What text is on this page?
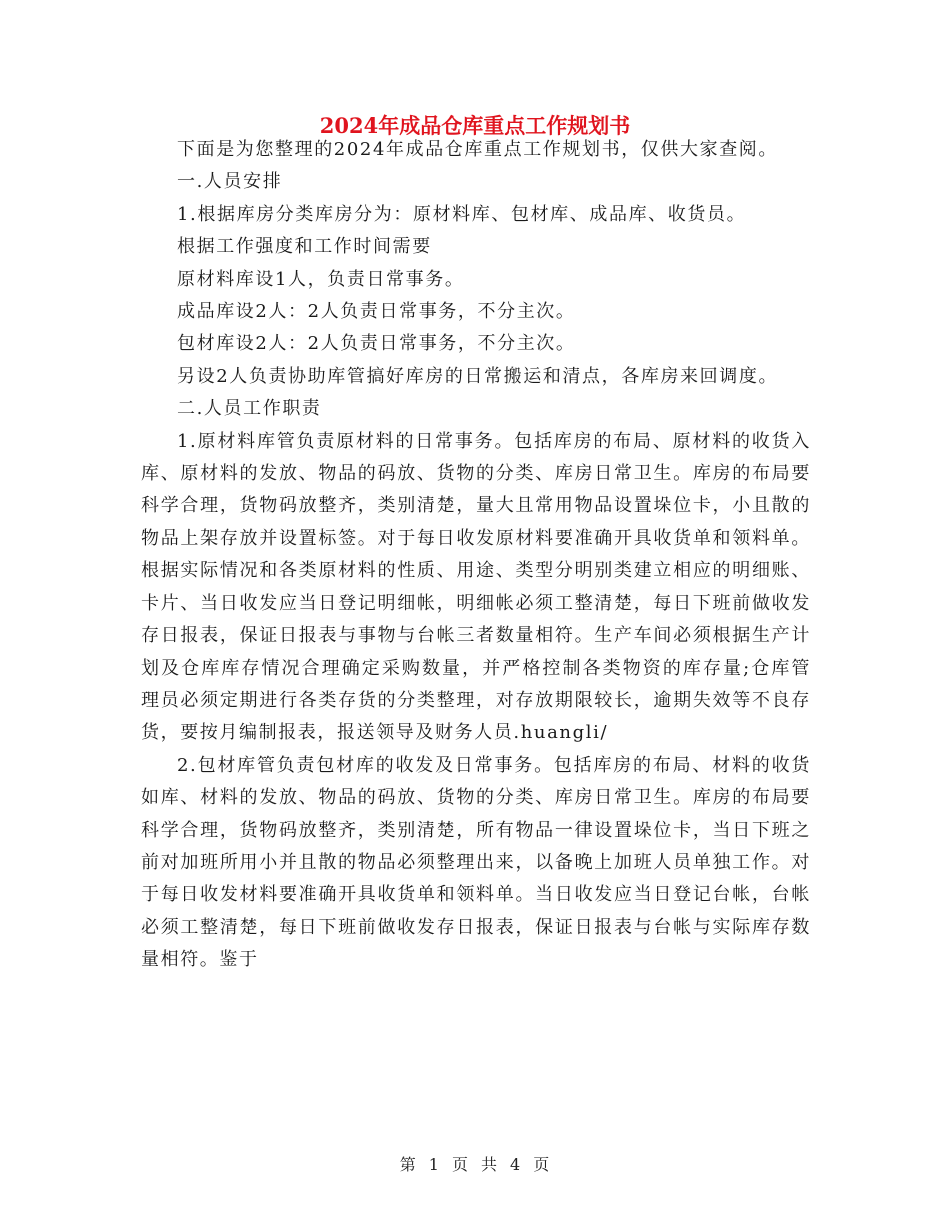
2024年成品仓库重点工作规划书

下面是为您整理的2024年成品仓库重点工作规划书，仅供大家查阅。

一.人员安排

1.根据库房分类库房分为：原材料库、包材库、成品库、收货员。

根据工作强度和工作时间需要

原材料库设1人，负责日常事务。

成品库设2人：2人负责日常事务，不分主次。

包材库设2人：2人负责日常事务，不分主次。

另设2人负责协助库管搞好库房的日常搬运和清点，各库房来回调度。

二.人员工作职责

1.原材料库管负责原材料的日常事务。包括库房的布局、原材料的收货入库、原材料的发放、物品的码放、货物的分类、库房日常卫生。库房的布局要科学合理，货物码放整齐，类别清楚，量大且常用物品设置垛位卡，小且散的物品上架存放并设置标签。对于每日收发原材料要准确开具收货单和领料单。根据实际情况和各类原材料的性质、用途、类型分明别类建立相应的明细账、卡片、当日收发应当日登记明细帐，明细帐必须工整清楚，每日下班前做收发存日报表，保证日报表与事物与台帐三者数量相符。生产车间必须根据生产计划及仓库库存情况合理确定采购数量，并严格控制各类物资的库存量;仓库管理员必须定期进行各类存货的分类整理，对存放期限较长，逾期失效等不良存货，要按月编制报表，报送领导及财务人员.huangli/

2.包材库管负责包材库的收发及日常事务。包括库房的布局、材料的收货如库、材料的发放、物品的码放、货物的分类、库房日常卫生。库房的布局要科学合理，货物码放整齐，类别清楚，所有物品一律设置垛位卡，当日下班之前对加班所用小并且散的物品必须整理出来，以备晚上加班人员单独工作。对于每日收发材料要准确开具收货单和领料单。当日收发应当日登记台帐，台帐必须工整清楚，每日下班前做收发存日报表，保证日报表与台帐与实际库存数量相符。鉴于

第 1 页 共 4 页
